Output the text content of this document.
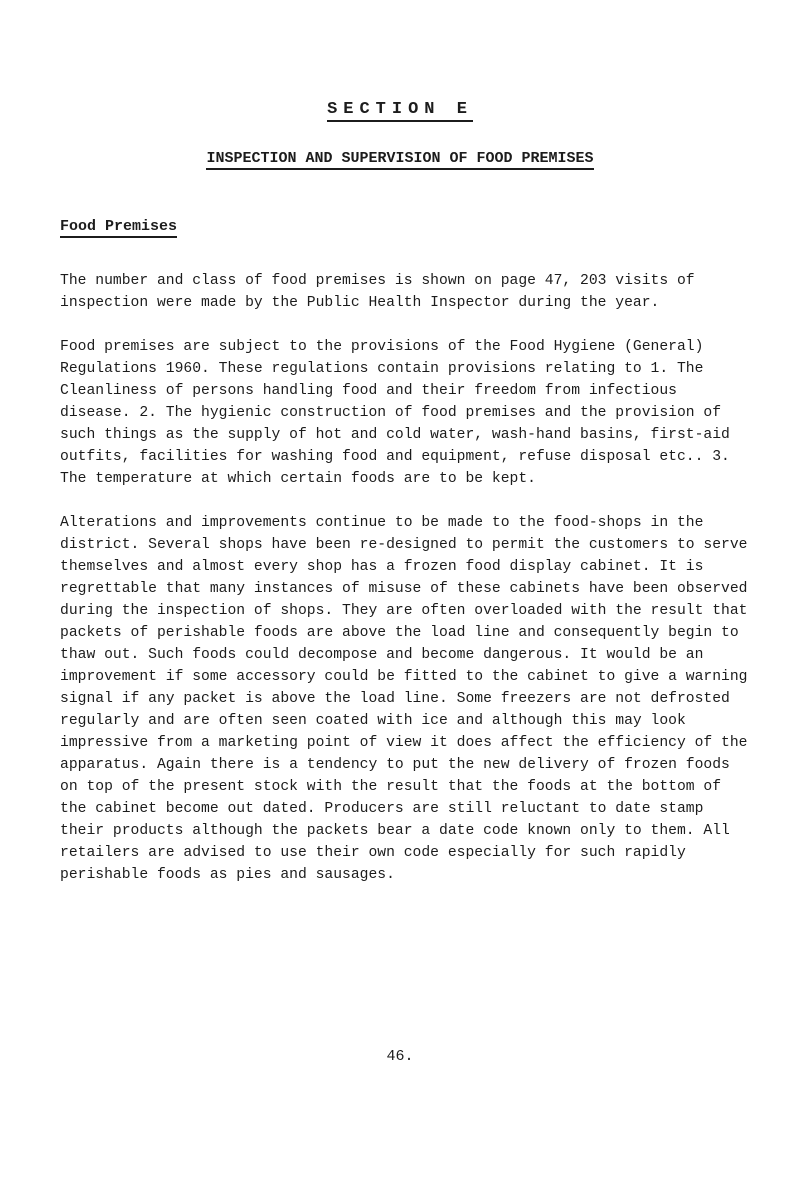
SECTION E
INSPECTION AND SUPERVISION OF FOOD PREMISES
Food Premises

The number and class of food premises is shown on page 47, 203 visits of inspection were made by the Public Health Inspector during the year.

Food premises are subject to the provisions of the Food Hygiene (General) Regulations 1960. These regulations contain provisions relating to 1. The Cleanliness of persons handling food and their freedom from infectious disease. 2. The hygienic construction of food premises and the provision of such things as the supply of hot and cold water, wash-hand basins, first-aid outfits, facilities for washing food and equipment, refuse disposal etc.. 3. The temperature at which certain foods are to be kept.

Alterations and improvements continue to be made to the food-shops in the district. Several shops have been re-designed to permit the customers to serve themselves and almost every shop has a frozen food display cabinet. It is regrettable that many instances of misuse of these cabinets have been observed during the inspection of shops. They are often overloaded with the result that packets of perishable foods are above the load line and consequently begin to thaw out. Such foods could decompose and become dangerous. It would be an improvement if some accessory could be fitted to the cabinet to give a warning signal if any packet is above the load line. Some freezers are not defrosted regularly and are often seen coated with ice and although this may look impressive from a marketing point of view it does affect the efficiency of the apparatus. Again there is a tendency to put the new delivery of frozen foods on top of the present stock with the result that the foods at the bottom of the cabinet become out dated. Producers are still reluctant to date stamp their products although the packets bear a date code known only to them. All retailers are advised to use their own code especially for such rapidly perishable foods as pies and sausages.

46.
